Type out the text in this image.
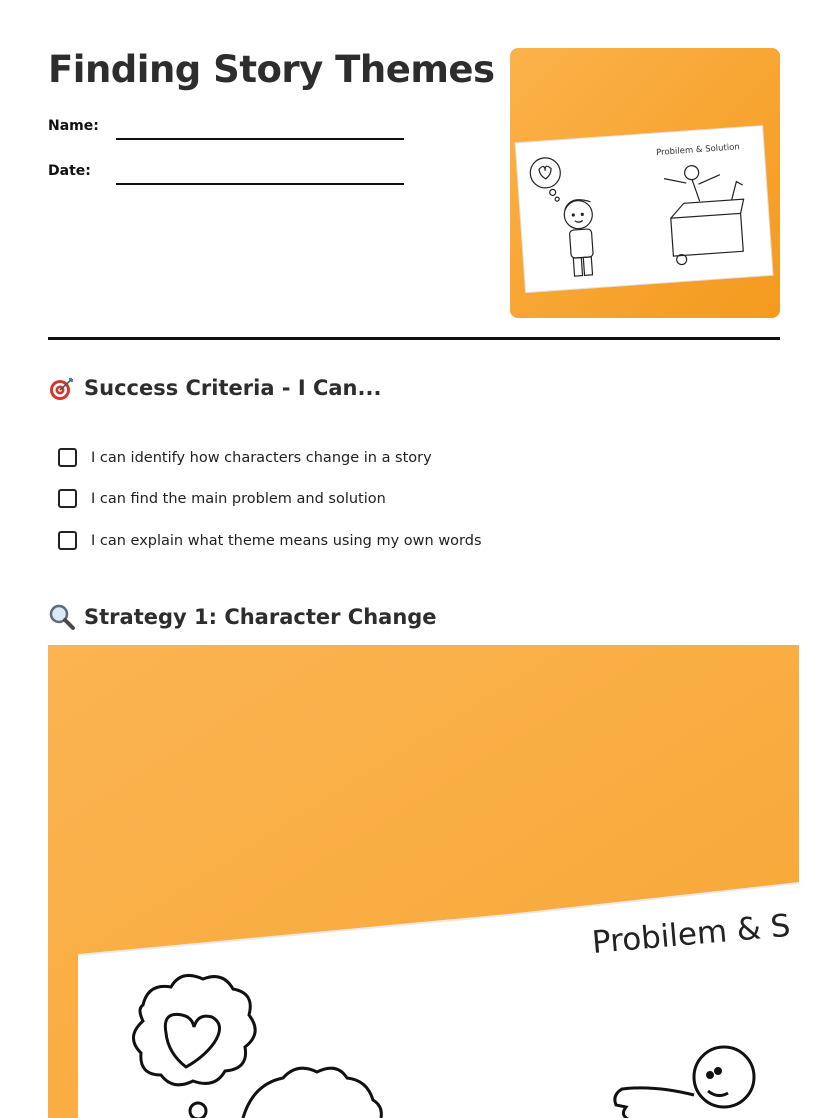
Finding Story Themes
Name:
Date:
Probilem & Solution
Success Criteria - I Can...
I can identify how characters change in a story
I can find the main problem and solution
I can explain what theme means using my own words
Strategy 1: Character Change
Probilem & S
